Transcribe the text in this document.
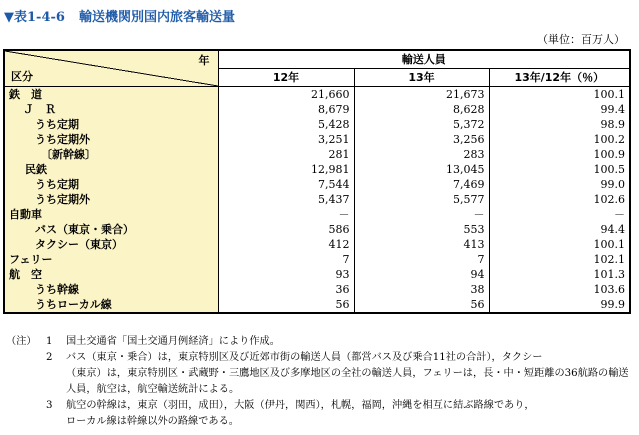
▼表1-4-6 輸送機関別国内旅客輸送量
（単位：百万人）
年
区分	輸送人員		
	12年	13年	13年/12年（％）
鉄　道	21,660	21,673	100.1
Ｊ　Ｒ	8,679	8,628	99.4
うち定期	5,428	5,372	98.9
うち定期外	3,251	3,256	100.2
〔新幹線〕	281	283	100.9
民鉄	12,981	13,045	100.5
うち定期	7,544	7,469	99.0
うち定期外	5,437	5,577	102.6
自動車	－	－	－
バス（東京・乗合）	586	553	94.4
タクシー（東京）	412	413	100.1
フェリー	7	7	102.1
航　空	93	94	101.3
うち幹線	36	38	103.6
うちローカル線	56	56	99.9
（注） 1	国土交通省「国土交通月例経済」により作成。
2	バス（東京・乗合）は，東京特別区及び近郊市街の輸送人員（都営バス及び乗合11社の合計），タクシー
（東京）は，東京特別区・武蔵野・三鷹地区及び多摩地区の全社の輸送人員，フェリーは，長・中・短距離の36航路の輸送人員，航空は，航空輸送統計による。
3	航空の幹線は，東京（羽田，成田），大阪（伊丹，関西），札幌，福岡，沖縄を相互に結ぶ路線であり，
ローカル線は幹線以外の路線である。
